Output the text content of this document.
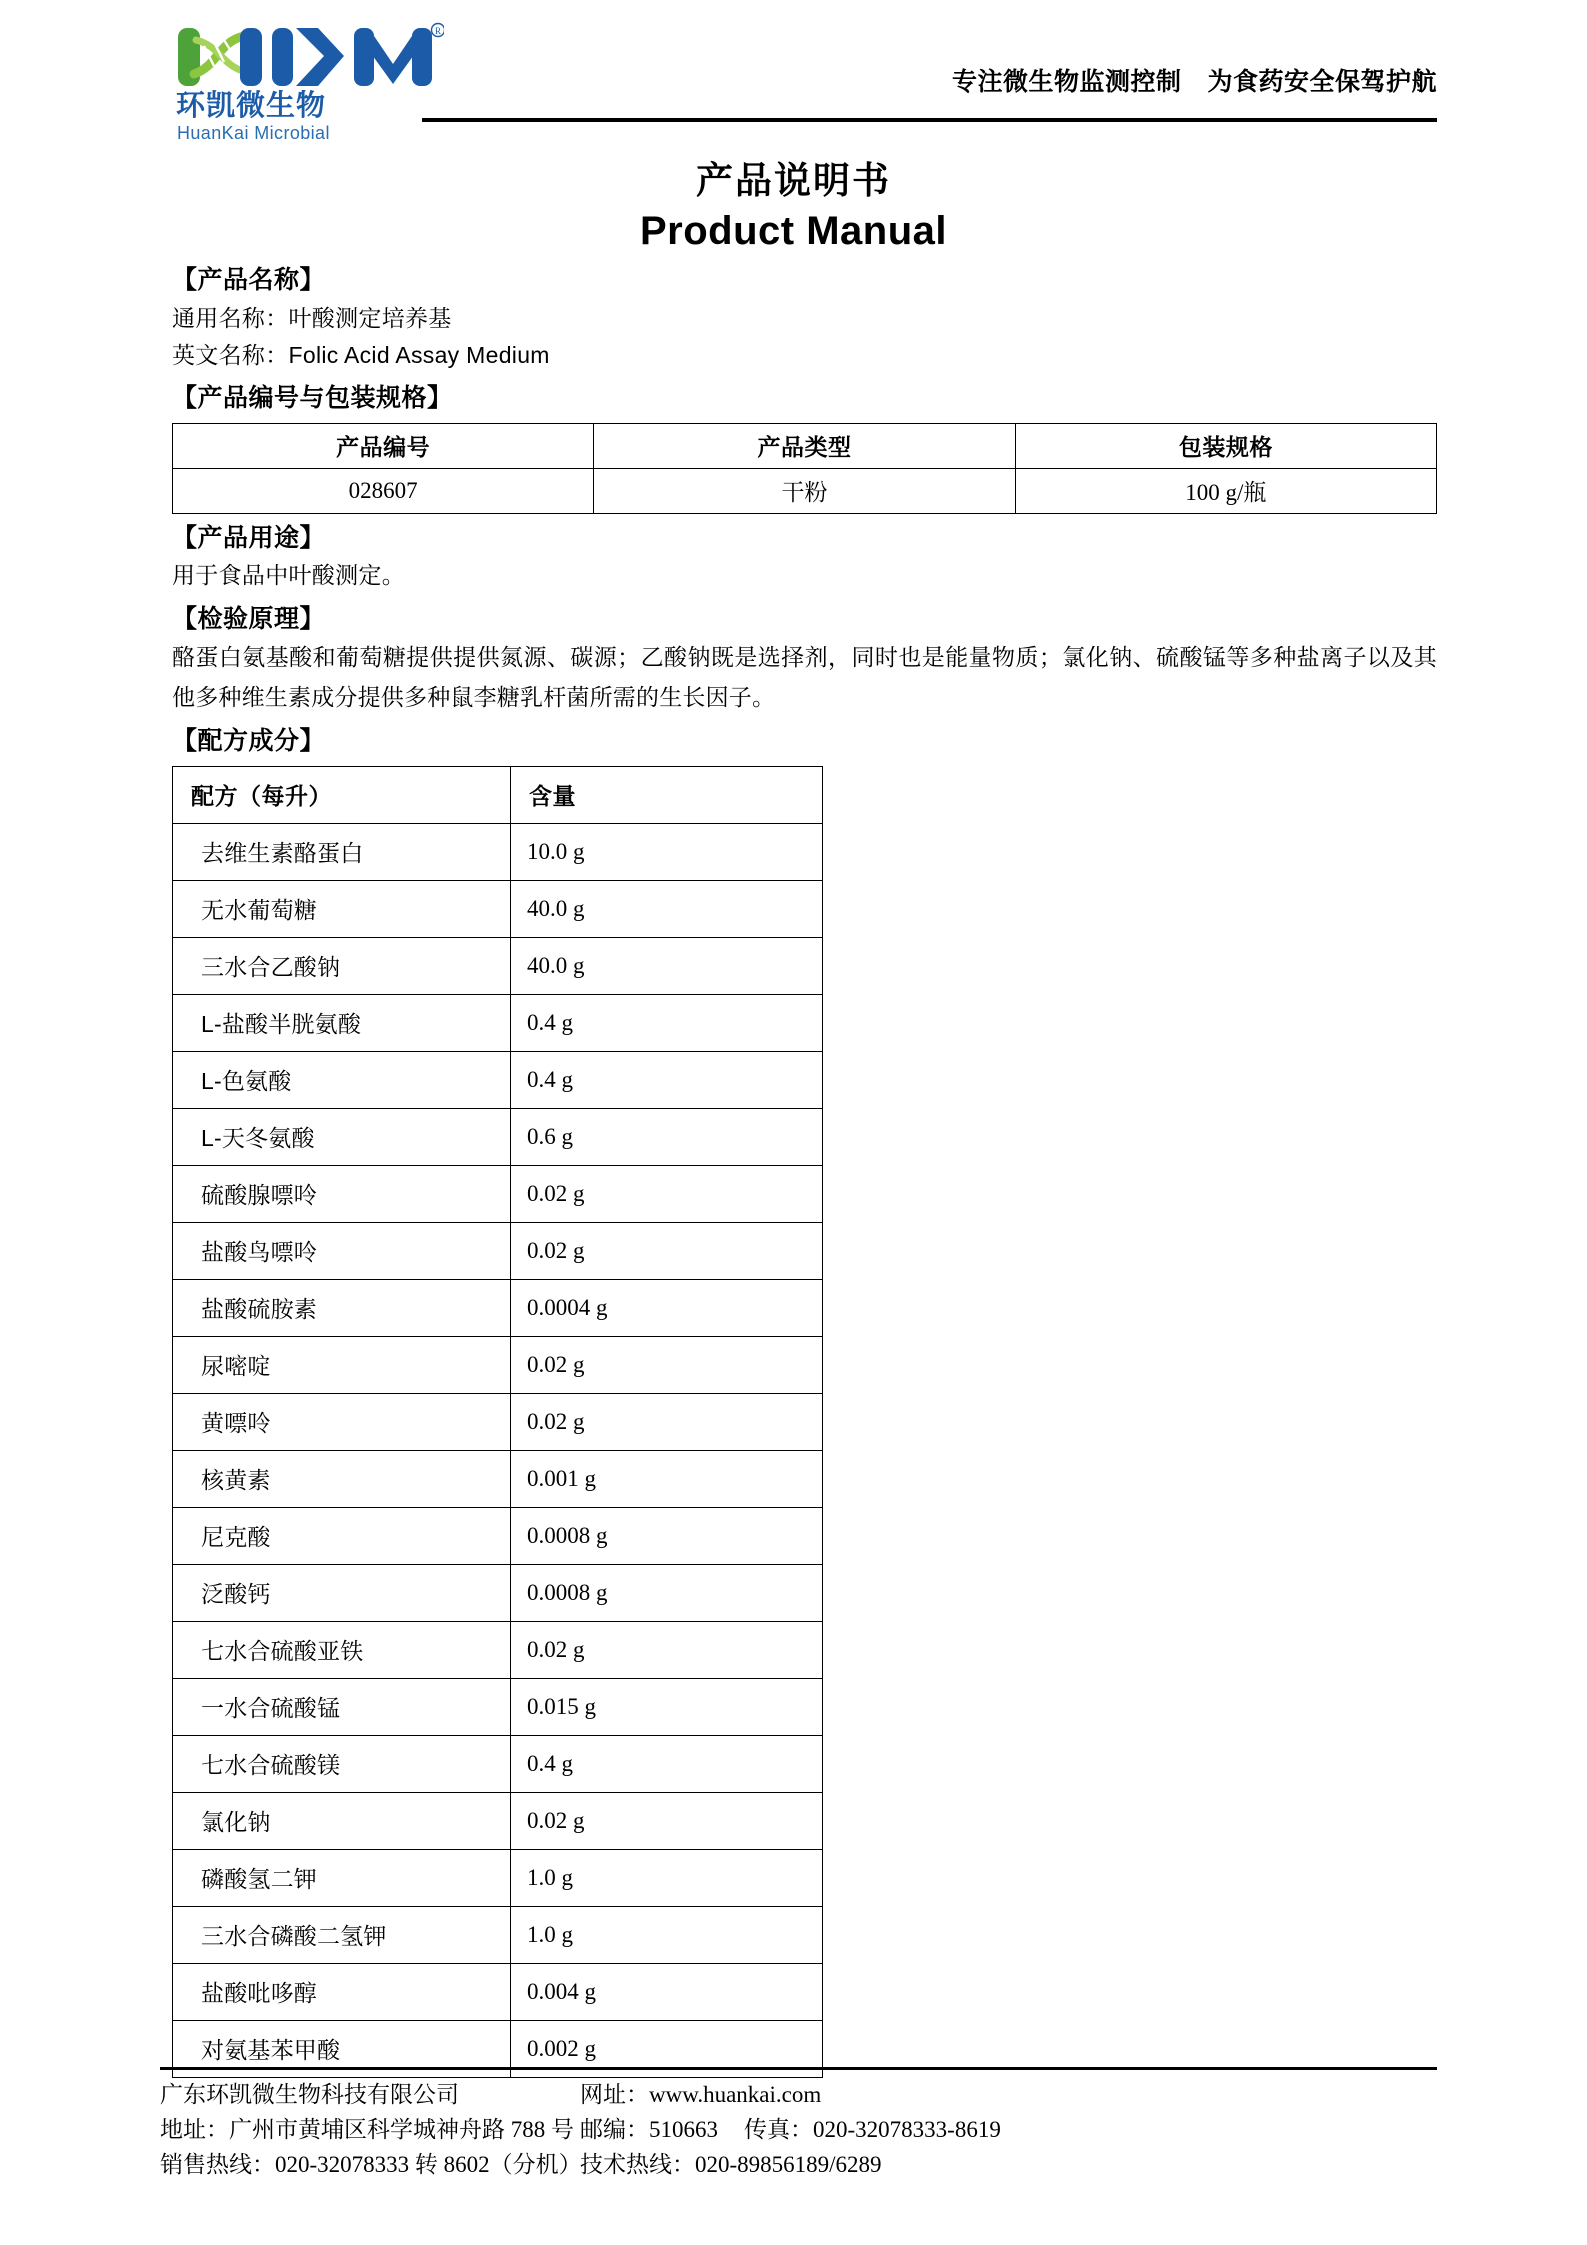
R
环凯微生物
HuanKai Microbial
专注微生物监测控制 为食药安全保驾护航
产品说明书
Product Manual
【产品名称】
通用名称：叶酸测定培养基
英文名称：Folic Acid Assay Medium
【产品编号与包装规格】
产品编号	产品类型	包装规格
028607	干粉	100 g/瓶
【产品用途】
用于食品中叶酸测定。
【检验原理】
酪蛋白氨基酸和葡萄糖提供提供氮源、碳源；乙酸钠既是选择剂，同时也是能量物质；氯化钠、硫酸锰等多种盐离子以及其他多种维生素成分提供多种鼠李糖乳杆菌所需的生长因子。
【配方成分】
配方（每升）	含量
去维生素酪蛋白	10.0 g
无水葡萄糖	40.0 g
三水合乙酸钠	40.0 g
L-盐酸半胱氨酸	0.4 g
L-色氨酸	0.4 g
L-天冬氨酸	0.6 g
硫酸腺嘌呤	0.02 g
盐酸鸟嘌呤	0.02 g
盐酸硫胺素	0.0004 g
尿嘧啶	0.02 g
黄嘌呤	0.02 g
核黄素	0.001 g
尼克酸	0.0008 g
泛酸钙	0.0008 g
七水合硫酸亚铁	0.02 g
一水合硫酸锰	0.015 g
七水合硫酸镁	0.4 g
氯化钠	0.02 g
磷酸氢二钾	1.0 g
三水合磷酸二氢钾	1.0 g
盐酸吡哆醇	0.004 g
对氨基苯甲酸	0.002 g
广东环凯微生物科技有限公司
地址：广州市黄埔区科学城神舟路 788 号
销售热线：020-32078333 转 8602（分机）
网址：www.huankai.com
邮编：510663 传真：020-32078333-8619
技术热线：020-89856189/6289
